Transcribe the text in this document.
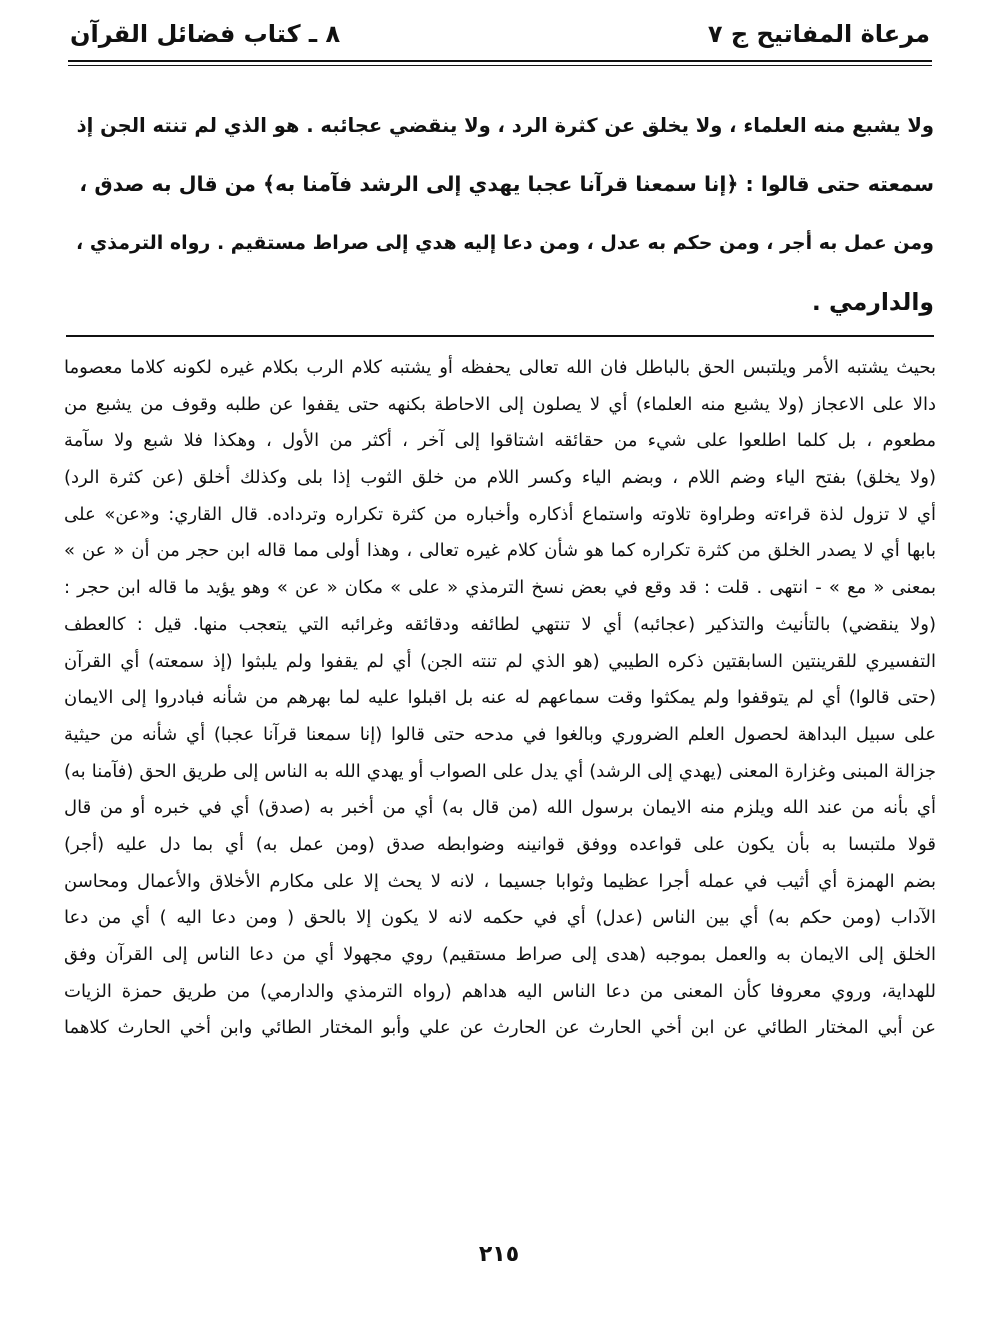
مرعاة المفاتيح ج ٧
٨ ـ كتاب فضائل القرآن
ولا يشبع منه العلماء ، ولا يخلق عن كثرة الرد ، ولا ينقضي عجائبه . هو الذي لم تنته الجن إذ
سمعته حتى قالوا : ﴿إنا سمعنا قرآنا عجبا يهدي إلى الرشد فآمنا به﴾ من قال به صدق ،
ومن عمل به أجر ، ومن حكم به عدل ، ومن دعا إليه هدي إلى صراط مستقيم . رواه الترمذي ،
والدارمي .
بحيث يشتبه الأمر ويلتبس الحق بالباطل فان الله تعالى يحفظه أو يشتبه كلام الرب بكلام غيره لكونه كلاما معصوما
دالا على الاعجاز (ولا يشبع منه العلماء) أي لا يصلون إلى الاحاطة بكنهه حتى يقفوا عن طلبه وقوف من يشبع من
مطعوم ، بل كلما اطلعوا على شيء من حقائقه اشتاقوا إلى آخر ، أكثر من الأول ، وهكذا فلا شبع ولا سآمة
(ولا يخلق) بفتح الياء وضم اللام ، وبضم الياء وكسر اللام من خلق الثوب إذا بلى وكذلك أخلق (عن كثرة الرد)
أي لا تزول لذة قراءته وطراوة تلاوته واستماع أذكاره وأخباره من كثرة تكراره وترداده. قال القاري: و«عن» على
بابها أي لا يصدر الخلق من كثرة تكراره كما هو شأن كلام غيره تعالى ، وهذا أولى مما قاله ابن حجر من أن « عن »
بمعنى « مع » - انتهى . قلت : قد وقع في بعض نسخ الترمذي « على » مكان « عن » وهو يؤيد ما قاله ابن حجر :
(ولا ينقضي) بالتأنيث والتذكير (عجائبه) أي لا تنتهي لطائفه ودقائقه وغرائبه التي يتعجب منها. قيل : كالعطف
التفسيري للقرينتين السابقتين ذكره الطيبي (هو الذي لم تنته الجن) أي لم يقفوا ولم يلبثوا (إذ سمعته) أي القرآن
(حتى قالوا) أي لم يتوقفوا ولم يمكثوا وقت سماعهم له عنه بل اقبلوا عليه لما بهرهم من شأنه فبادروا إلى الايمان
على سبيل البداهة لحصول العلم الضروري وبالغوا في مدحه حتى قالوا (إنا سمعنا قرآنا عجبا) أي شأنه من حيثية
جزالة المبنى وغزارة المعنى (يهدي إلى الرشد) أي يدل على الصواب أو يهدي الله به الناس إلى طريق الحق (فآمنا به)
أي بأنه من عند الله ويلزم منه الايمان برسول الله (من قال به) أي من أخبر به (صدق) أي في خبره أو من قال
قولا ملتبسا به بأن يكون على قواعده ووفق قوانينه وضوابطه صدق (ومن عمل به) أي بما دل عليه (أجر)
بضم الهمزة أي أثيب في عمله أجرا عظيما وثوابا جسيما ، لانه لا يحث إلا على مكارم الأخلاق والأعمال ومحاسن
الآداب (ومن حكم به) أي بين الناس (عدل) أي في حكمه لانه لا يكون إلا بالحق ( ومن دعا اليه ) أي من دعا
الخلق إلى الايمان به والعمل بموجبه (هدى إلى صراط مستقيم) روي مجهولا أي من دعا الناس إلى القرآن وفق
للهداية، وروي معروفا كأن المعنى من دعا الناس اليه هداهم (رواه الترمذي والدارمي) من طريق حمزة الزيات
عن أبي المختار الطائي عن ابن أخي الحارث عن الحارث عن علي وأبو المختار الطائي وابن أخي الحارث كلاهما
٢١٥
